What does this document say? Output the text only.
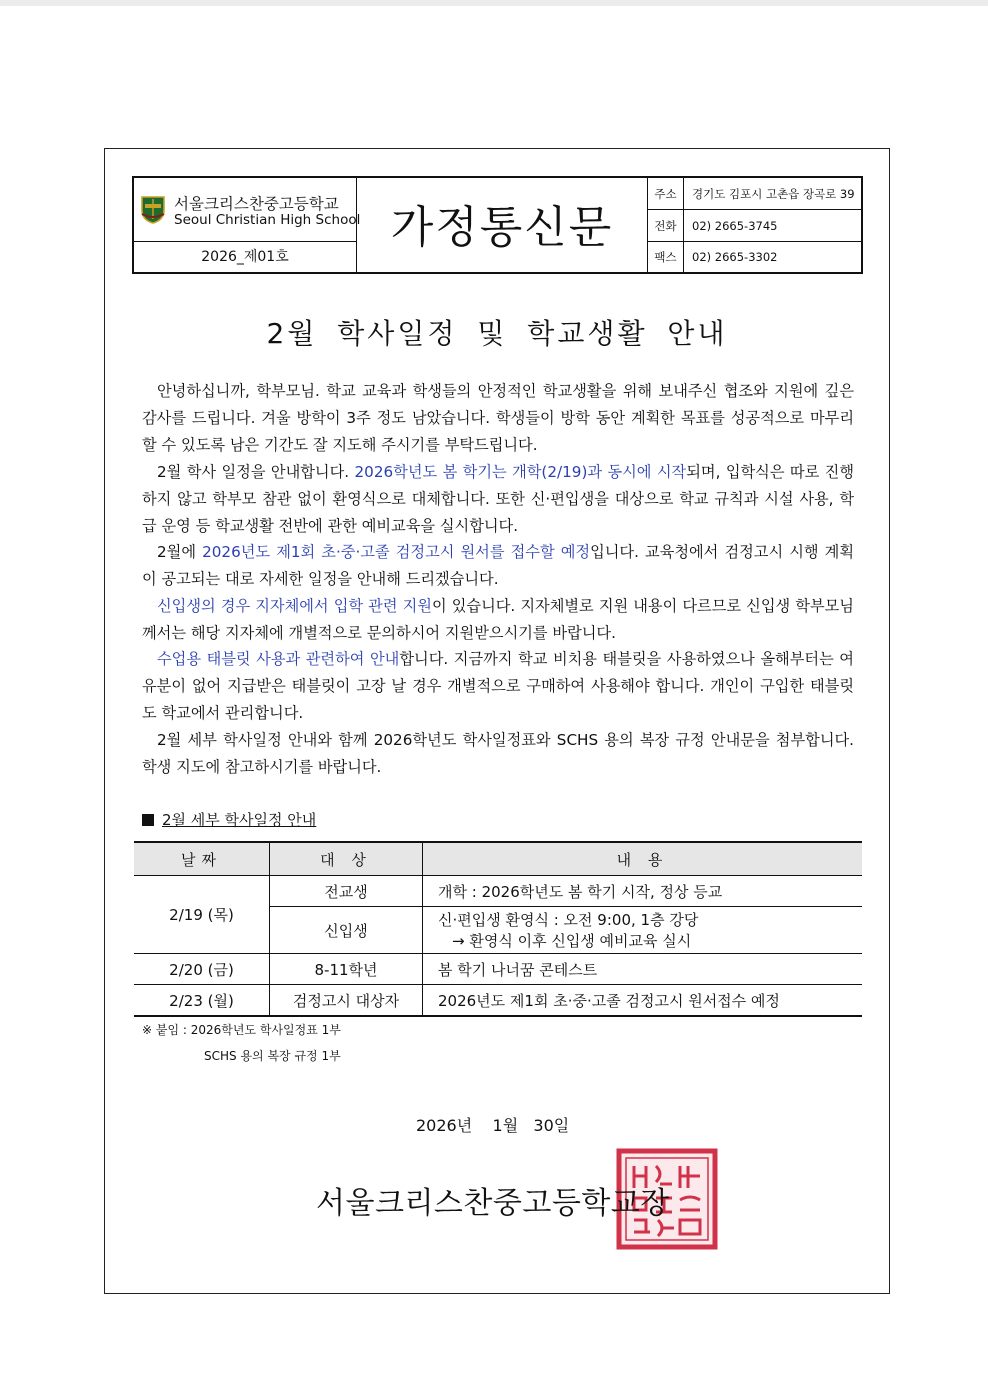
서울크리스찬중고등학교
Seoul Christian High School
2026_제01호
가정통신문
주소	경기도 김포시 고촌읍 장곡로 39
전화	02) 2665-3745
팩스	02) 2665-3302
2월 학사일정 및 학교생활 안내

안녕하십니까, 학부모님. 학교 교육과 학생들의 안정적인 학교생활을 위해 보내주신 협조와 지원에 깊은 감사를 드립니다. 겨울 방학이 3주 정도 남았습니다. 학생들이 방학 동안 계획한 목표를 성공적으로 마무리할 수 있도록 남은 기간도 잘 지도해 주시기를 부탁드립니다.

2월 학사 일정을 안내합니다. 2026학년도 봄 학기는 개학(2/19)과 동시에 시작되며, 입학식은 따로 진행하지 않고 학부모 참관 없이 환영식으로 대체합니다. 또한 신·편입생을 대상으로 학교 규칙과 시설 사용, 학급 운영 등 학교생활 전반에 관한 예비교육을 실시합니다.

2월에 2026년도 제1회 초·중·고졸 검정고시 원서를 접수할 예정입니다. 교육청에서 검정고시 시행 계획이 공고되는 대로 자세한 일정을 안내해 드리겠습니다.

신입생의 경우 지자체에서 입학 관련 지원이 있습니다. 지자체별로 지원 내용이 다르므로 신입생 학부모님께서는 해당 지자체에 개별적으로 문의하시어 지원받으시기를 바랍니다.

수업용 태블릿 사용과 관련하여 안내합니다. 지금까지 학교 비치용 태블릿을 사용하였으나 올해부터는 여유분이 없어 지급받은 태블릿이 고장 날 경우 개별적으로 구매하여 사용해야 합니다. 개인이 구입한 태블릿도 학교에서 관리합니다.

2월 세부 학사일정 안내와 함께 2026학년도 학사일정표와 SCHS 용의 복장 규정 안내문을 첨부합니다. 학생 지도에 참고하시기를 바랍니다.

2월 세부 학사일정 안내
날짜	대 상	내 용
2/19 (목)	전교생	개학 : 2026학년도 봄 학기 시작, 정상 등교
	신입생	신·편입생 환영식 : 오전 9:00, 1층 강당
→ 환영식 이후 신입생 예비교육 실시

2/20 (금)	8-11학년	봄 학기 나너꿈 콘테스트
2/23 (월)	검정고시 대상자	2026년도 제1회 초·중·고졸 검정고시 원서접수 예정
※ 붙임 : 2026학년도 학사일정표 1부
SCHS 용의 복장 규정 1부
2026년    1월   30일
서울크리스찬중고등학교장
